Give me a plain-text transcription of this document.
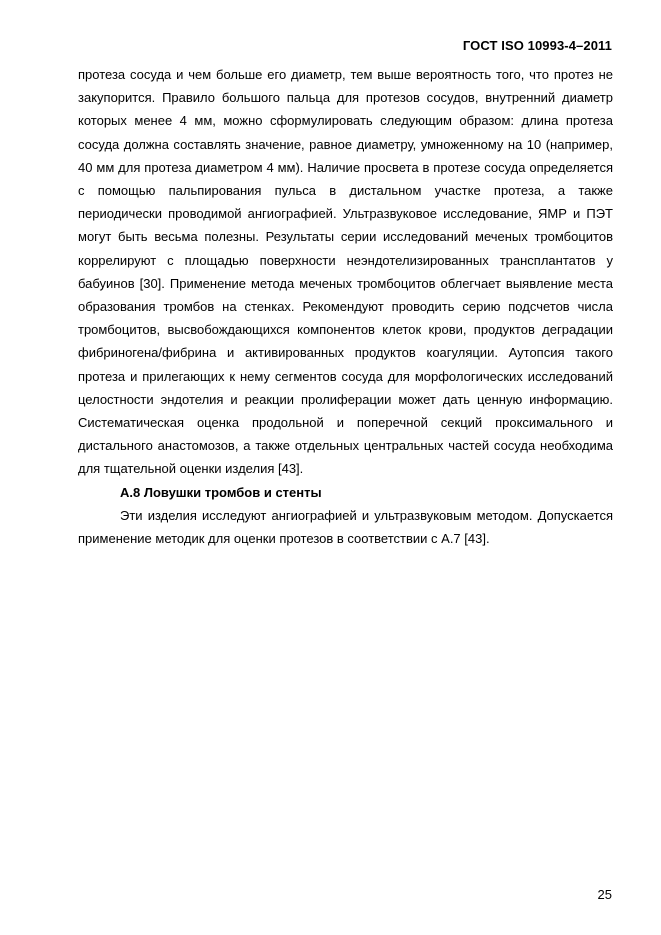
ГОСТ ISO 10993-4–2011

протеза сосуда и чем больше его диаметр, тем выше вероятность того, что протез не закупорится. Правило большого пальца для протезов сосудов, внутренний диаметр которых менее 4 мм, можно сформулировать следующим образом: длина протеза сосуда должна составлять значение, равное диаметру, умноженному на 10 (например, 40 мм для протеза диаметром 4 мм). Наличие просвета в протезе сосуда определяется с помощью пальпирования пульса в дистальном участке протеза, а также периодически проводимой ангиографией. Ультразвуковое исследование, ЯМР и ПЭТ могут быть весьма полезны. Результаты серии исследований меченых тромбоцитов коррелируют с площадью поверхности неэндотелизированных трансплантатов у бабуинов [30]. Применение метода меченых тромбоцитов облегчает выявление места образования тромбов на стенках. Рекомендуют проводить серию подсчетов числа тромбоцитов, высвобождающихся компонентов клеток крови, продуктов деградации фибриногена/фибрина и активированных продуктов коагуляции. Аутопсия такого протеза и прилегающих к нему сегментов сосуда для морфологических исследований целостности эндотелия и реакции пролиферации может дать ценную информацию. Систематическая оценка продольной и поперечной секций проксимального и дистального анастомозов, а также отдельных центральных частей сосуда необходима для тщательной оценки изделия [43].

А.8 Ловушки тромбов и стенты

Эти изделия исследуют ангиографией и ультразвуковым методом. Допускается применение методик для оценки протезов в соответствии с А.7 [43].

25
